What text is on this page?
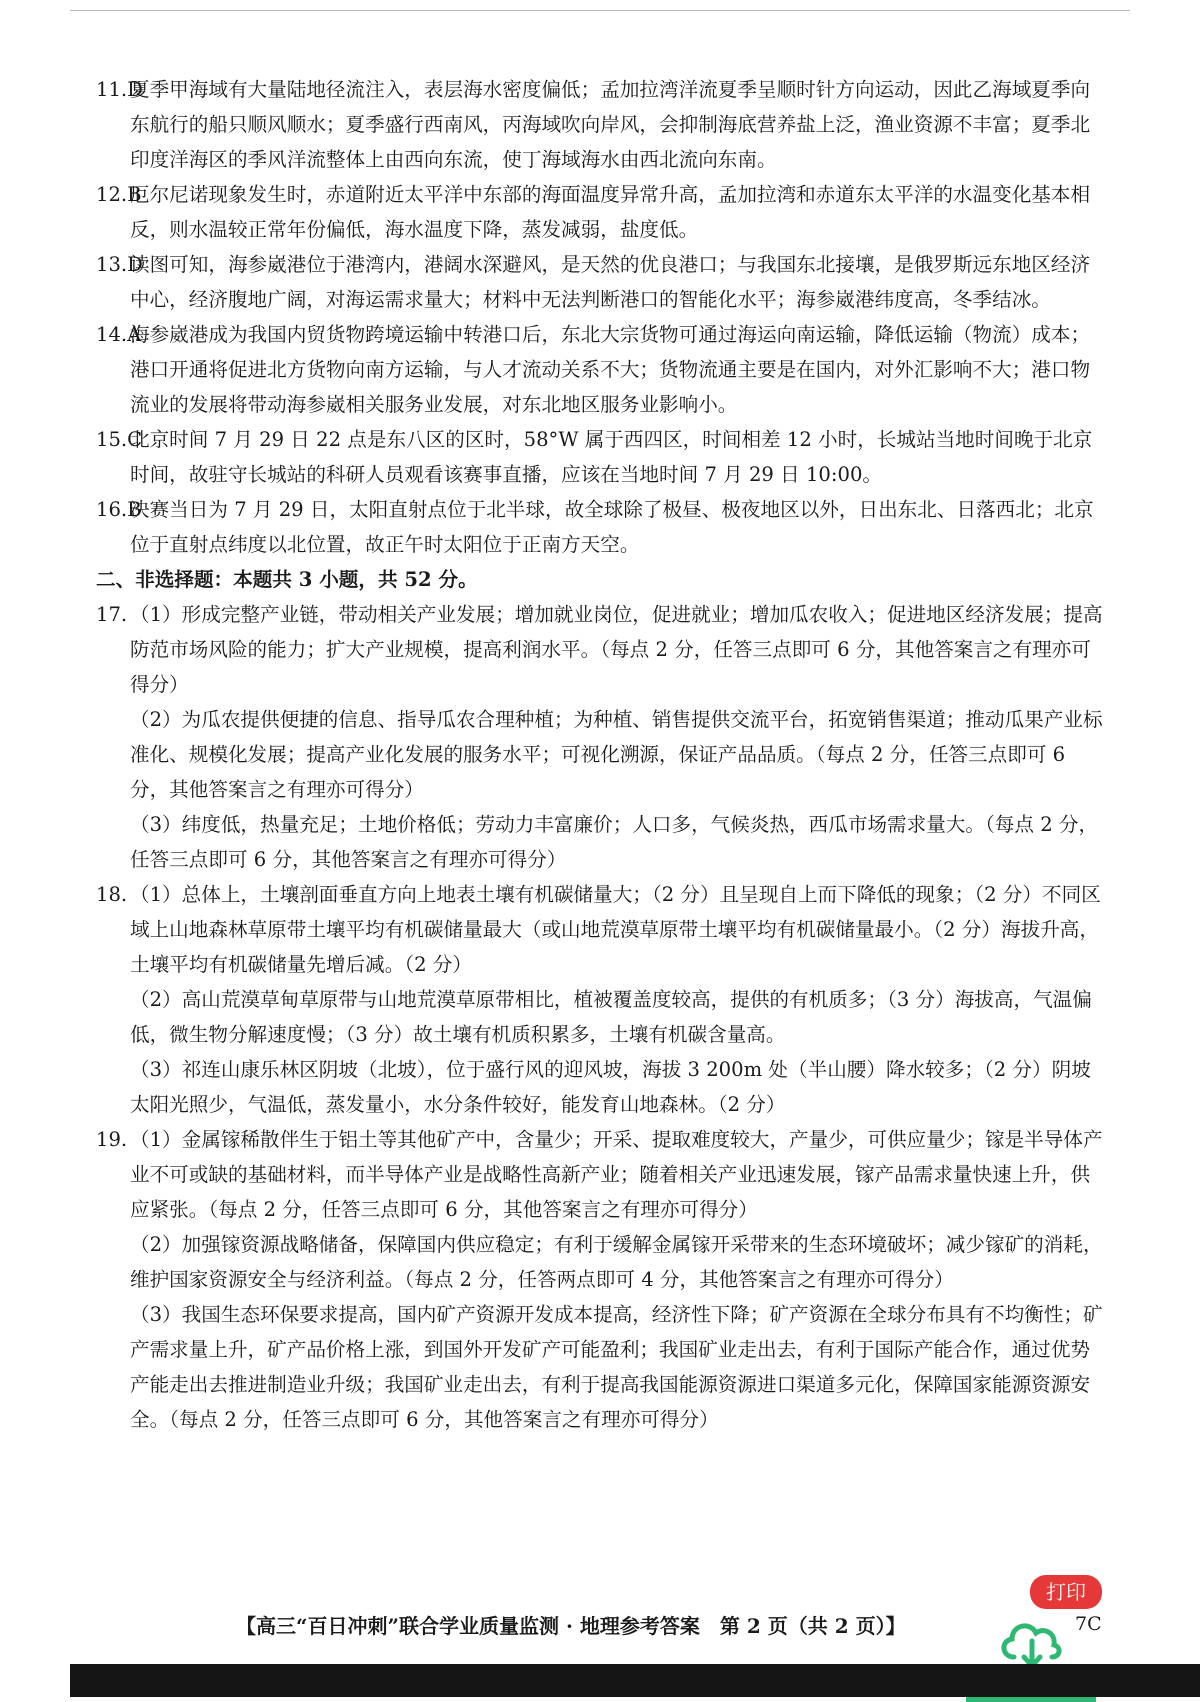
11.D夏季甲海域有大量陆地径流注入，表层海水密度偏低；孟加拉湾洋流夏季呈顺时针方向运动，因此乙海域夏季向东航行的船只顺风顺水；夏季盛行西南风，丙海域吹向岸风，会抑制海底营养盐上泛，渔业资源不丰富；夏季北印度洋海区的季风洋流整体上由西向东流，使丁海域海水由西北流向东南。

12.B厄尔尼诺现象发生时，赤道附近太平洋中东部的海面温度异常升高，孟加拉湾和赤道东太平洋的水温变化基本相反，则水温较正常年份偏低，海水温度下降，蒸发减弱，盐度低。

13.D读图可知，海参崴港位于港湾内，港阔水深避风，是天然的优良港口；与我国东北接壤，是俄罗斯远东地区经济中心，经济腹地广阔，对海运需求量大；材料中无法判断港口的智能化水平；海参崴港纬度高，冬季结冰。

14.A海参崴港成为我国内贸货物跨境运输中转港口后，东北大宗货物可通过海运向南运输，降低运输（物流）成本；港口开通将促进北方货物向南方运输，与人才流动关系不大；货物流通主要是在国内，对外汇影响不大；港口物流业的发展将带动海参崴相关服务业发展，对东北地区服务业影响小。

15.C北京时间 7 月 29 日 22 点是东八区的区时，58°W 属于西四区，时间相差 12 小时，长城站当地时间晚于北京时间，故驻守长城站的科研人员观看该赛事直播，应该在当地时间 7 月 29 日 10:00。

16.B决赛当日为 7 月 29 日，太阳直射点位于北半球，故全球除了极昼、极夜地区以外，日出东北、日落西北；北京位于直射点纬度以北位置，故正午时太阳位于正南方天空。

二、非选择题：本题共 3 小题，共 52 分。

17. （1）形成完整产业链，带动相关产业发展；增加就业岗位，促进就业；增加瓜农收入；促进地区经济发展；提高防范市场风险的能力；扩大产业规模，提高利润水平。（每点 2 分，任答三点即可 6 分，其他答案言之有理亦可得分）

（2）为瓜农提供便捷的信息、指导瓜农合理种植；为种植、销售提供交流平台，拓宽销售渠道；推动瓜果产业标准化、规模化发展；提高产业化发展的服务水平；可视化溯源，保证产品品质。（每点 2 分，任答三点即可 6 分，其他答案言之有理亦可得分）

（3）纬度低，热量充足；土地价格低；劳动力丰富廉价；人口多，气候炎热，西瓜市场需求量大。（每点 2 分，任答三点即可 6 分，其他答案言之有理亦可得分）

18. （1）总体上，土壤剖面垂直方向上地表土壤有机碳储量大；（2 分）且呈现自上而下降低的现象；（2 分）不同区域上山地森林草原带土壤平均有机碳储量最大（或山地荒漠草原带土壤平均有机碳储量最小。（2 分）海拔升高，土壤平均有机碳储量先增后减。（2 分）

（2）高山荒漠草甸草原带与山地荒漠草原带相比，植被覆盖度较高，提供的有机质多；（3 分）海拔高，气温偏低，微生物分解速度慢；（3 分）故土壤有机质积累多，土壤有机碳含量高。

（3）祁连山康乐林区阴坡（北坡），位于盛行风的迎风坡，海拔 3 200m 处（半山腰）降水较多；（2 分）阴坡太阳光照少，气温低，蒸发量小，水分条件较好，能发育山地森林。（2 分）

19. （1）金属镓稀散伴生于铝土等其他矿产中，含量少；开采、提取难度较大，产量少，可供应量少；镓是半导体产业不可或缺的基础材料，而半导体产业是战略性高新产业；随着相关产业迅速发展，镓产品需求量快速上升，供应紧张。（每点 2 分，任答三点即可 6 分，其他答案言之有理亦可得分）

（2）加强镓资源战略储备，保障国内供应稳定；有利于缓解金属镓开采带来的生态环境破坏；减少镓矿的消耗，维护国家资源安全与经济利益。（每点 2 分，任答两点即可 4 分，其他答案言之有理亦可得分）

（3）我国生态环保要求提高，国内矿产资源开发成本提高，经济性下降；矿产资源在全球分布具有不均衡性；矿产需求量上升，矿产品价格上涨，到国外开发矿产可能盈利；我国矿业走出去，有利于国际产能合作，通过优势产能走出去推进制造业升级；我国矿业走出去，有利于提高我国能源资源进口渠道多元化，保障国家能源资源安全。（每点 2 分，任答三点即可 6 分，其他答案言之有理亦可得分）

打印
【高三“百日冲刺”联合学业质量监测 · 地理参考答案　第 2 页（共 2 页）】	7C
